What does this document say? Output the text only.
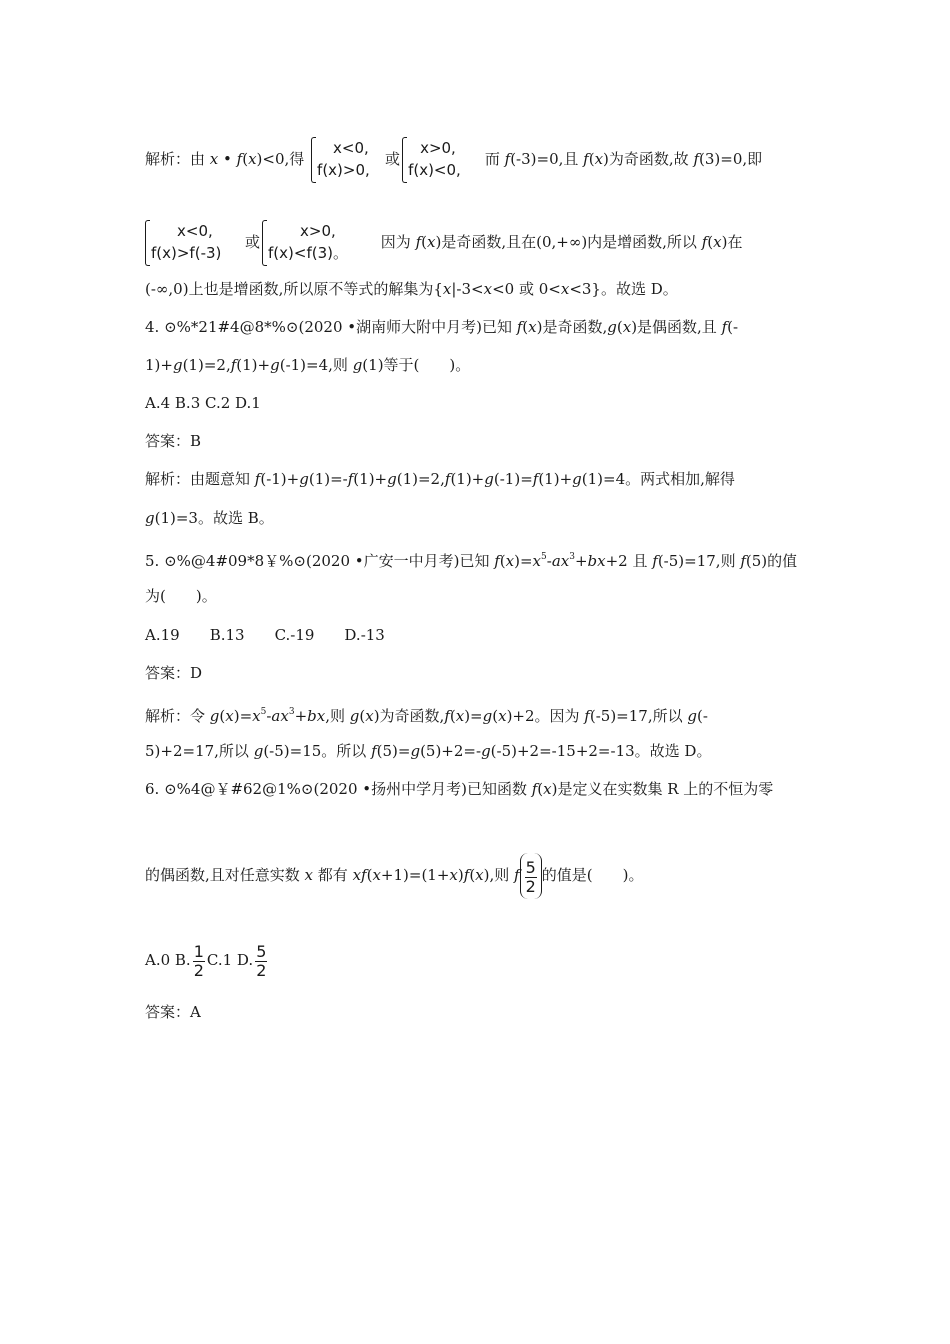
解析：由 x • f(x)<0,得
x<0,
f(x)>0,
或
x>0,
f(x)<0,
而 f(-3)=0,且 f(x)为奇函数,故 f(3)=0,即
x<0,
f(x)>f(-3)
或
x>0,
f(x)<f(3)。
因为 f(x)是奇函数,且在(0,+∞)内是增函数,所以 f(x)在
(-∞,0)上也是增函数,所以原不等式的解集为{x|-3<x<0 或 0<x<3}。故选 D。
4. ⊙%*21#4@8*%⊙(2020 •湖南师大附中月考)已知 f(x)是奇函数,g(x)是偶函数,且 f(-
1)+g(1)=2,f(1)+g(-1)=4,则 g(1)等于(　　)。
A.4 B.3 C.2 D.1
答案：B
解析：由题意知 f(-1)+g(1)=-f(1)+g(1)=2,f(1)+g(-1)=f(1)+g(1)=4。两式相加,解得
g(1)=3。故选 B。
5. ⊙%@4#09*8￥%⊙(2020 •广安一中月考)已知 $f(x)=x^5-ax^3+bx+2$ 且 f(-5)=17,则 f(5)的值
为(　　)。
A.19　　B.13　　C.-19　　D.-13
答案：D
解析：令 $g(x)=x^5-ax^3+bx$,则 g(x)为奇函数,f(x)=g(x)+2。因为 f(-5)=17,所以 g(-
5)+2=17,所以 g(-5)=15。所以 f(5)=g(5)+2=-g(-5)+2=-15+2=-13。故选 D。
6. ⊙%4@￥#62@1%⊙(2020 •扬州中学月考)已知函数 f(x)是定义在实数集 R 上的不恒为零
的偶函数,且对任意实数 x 都有 xf(x+1)=(1+x)f(x),则 f $\frac{5}{2}$ 的值是(　　)。
A.0 B. $\frac{1}{2} C.1$ D. $\frac{5}{2}$
答案：A
